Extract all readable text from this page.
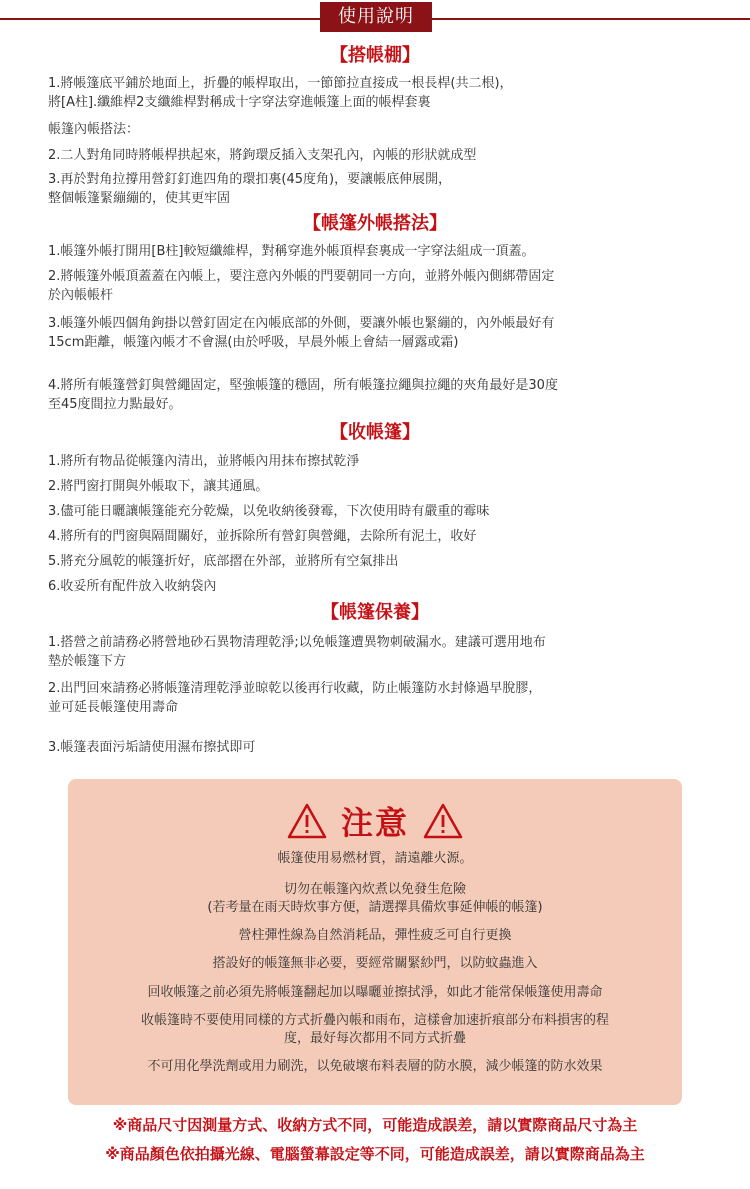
使用說明
【搭帳棚】
1.將帳篷底平鋪於地面上，折疊的帳桿取出，一節節拉直接成一根長桿(共二根)，
將[A柱].纖維桿2支纖維桿對稱成十字穿法穿進帳篷上面的帳桿套裏
帳篷內帳搭法：
2.二人對角同時將帳桿拱起來，將鉤環反插入支架孔內，內帳的形狀就成型
3.再於對角拉撐用營釘釘進四角的環扣裏(45度角)，要讓帳底伸展開，
整個帳篷緊繃繃的，使其更牢固
【帳篷外帳搭法】
1.帳篷外帳打開用[B柱]較短纖維桿，對稱穿進外帳頂桿套裏成一字穿法組成一頂蓋。
2.將帳篷外帳頂蓋蓋在內帳上，要注意內外帳的門要朝同一方向，並將外帳內側綁帶固定
於內帳帳杆
3.帳篷外帳四個角鉤掛以營釘固定在內帳底部的外側，要讓外帳也緊繃的，內外帳最好有
15cm距離，帳篷內帳才不會濕(由於呼吸，早晨外帳上會結一層露或霜)
4.將所有帳篷營釘與營繩固定，堅強帳篷的穩固，所有帳篷拉繩與拉繩的夾角最好是30度
至45度間拉力點最好。
【收帳篷】
1.將所有物品從帳篷內清出，並將帳內用抹布擦拭乾淨
2.將門窗打開與外帳取下，讓其通風。
3.儘可能日曬讓帳篷能充分乾燥，以免收納後發霉，下次使用時有嚴重的霉味
4.將所有的門窗與隔間關好，並拆除所有營釘與營繩，去除所有泥土，收好
5.將充分風乾的帳篷折好，底部摺在外部，並將所有空氣排出
6.收妥所有配件放入收納袋內
【帳篷保養】
1.搭營之前請務必將營地砂石異物清理乾淨;以免帳篷遭異物刺破漏水。建議可選用地布
墊於帳篷下方
2.出門回來請務必將帳篷清理乾淨並晾乾以後再行收藏，防止帳篷防水封條過早脫膠，
並可延長帳篷使用壽命
3.帳篷表面污垢請使用濕布擦拭即可
注意
帳篷使用易燃材質，請遠離火源。
切勿在帳篷內炊煮以免發生危險
(若考量在雨天時炊事方便，請選擇具備炊事延伸帳的帳篷)
營柱彈性線為自然消耗品，彈性疲乏可自行更換
搭設好的帳篷無非必要，要經常關緊紗門，以防蚊蟲進入
回收帳篷之前必須先將帳篷翻起加以曝曬並擦拭淨，如此才能常保帳篷使用壽命
收帳篷時不要使用同樣的方式折疊內帳和雨布，這樣會加速折痕部分布料損害的程
度，最好每次都用不同方式折疊
不可用化學洗劑或用力刷洗，以免破壞布料表層的防水膜，減少帳篷的防水效果
※商品尺寸因測量方式、收納方式不同，可能造成誤差，請以實際商品尺寸為主
※商品顏色依拍攝光線、電腦螢幕設定等不同，可能造成誤差，請以實際商品為主
